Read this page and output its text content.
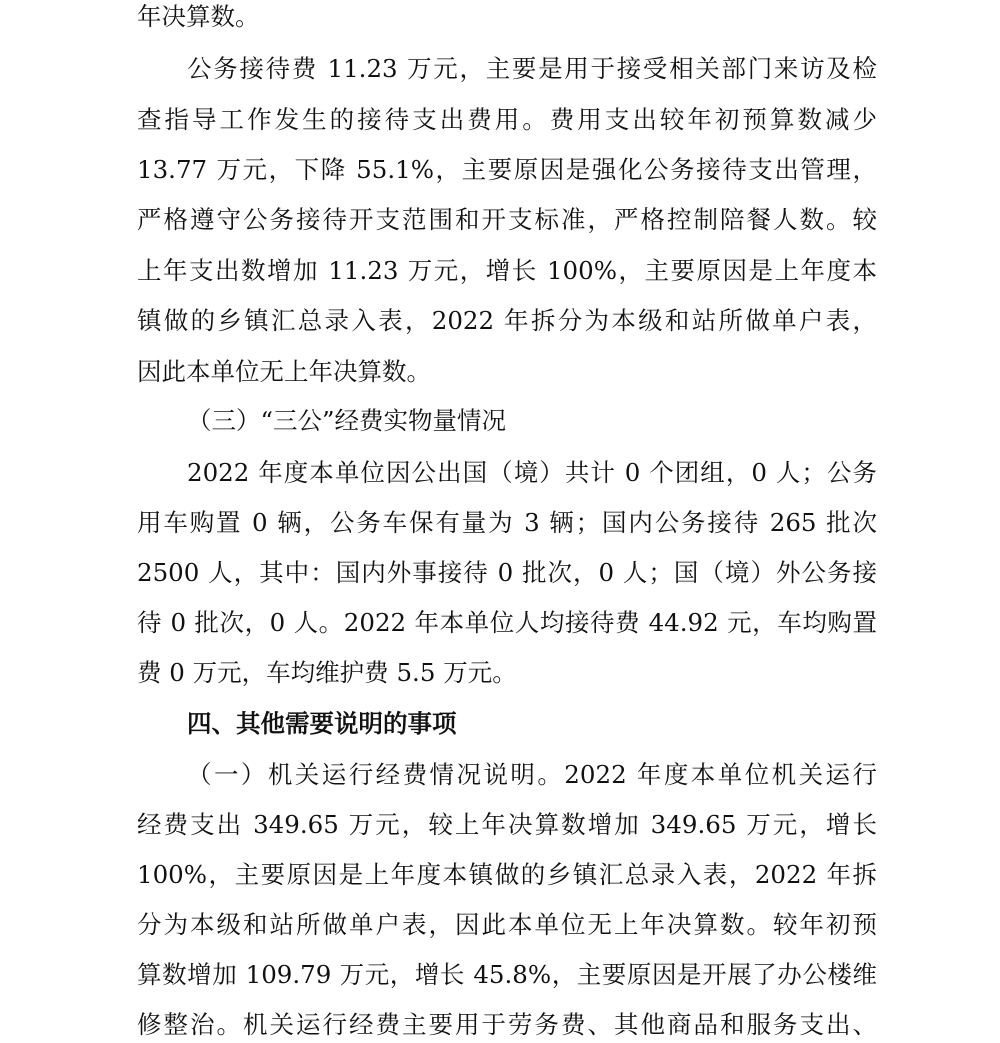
年决算数。
公务接待费 11.23 万元，主要是用于接受相关部门来访及检
查指导工作发生的接待支出费用。费用支出较年初预算数减少
13.77 万元，下降 55.1%，主要原因是强化公务接待支出管理，
严格遵守公务接待开支范围和开支标准，严格控制陪餐人数。较
上年支出数增加 11.23 万元，增长 100%，主要原因是上年度本
镇做的乡镇汇总录入表，2022 年拆分为本级和站所做单户表，
因此本单位无上年决算数。
（三）“三公”经费实物量情况
2022 年度本单位因公出国（境）共计 0 个团组，0 人；公务
用车购置 0 辆，公务车保有量为 3 辆；国内公务接待 265 批次
2500 人，其中：国内外事接待 0 批次，0 人；国（境）外公务接
待 0 批次，0 人。2022 年本单位人均接待费 44.92 元，车均购置
费 0 万元，车均维护费 5.5 万元。
四、其他需要说明的事项
（一）机关运行经费情况说明。2022 年度本单位机关运行
经费支出 349.65 万元，较上年决算数增加 349.65 万元，增长
100%，主要原因是上年度本镇做的乡镇汇总录入表，2022 年拆
分为本级和站所做单户表，因此本单位无上年决算数。较年初预
算数增加 109.79 万元，增长 45.8%，主要原因是开展了办公楼维
修整治。机关运行经费主要用于劳务费、其他商品和服务支出、
